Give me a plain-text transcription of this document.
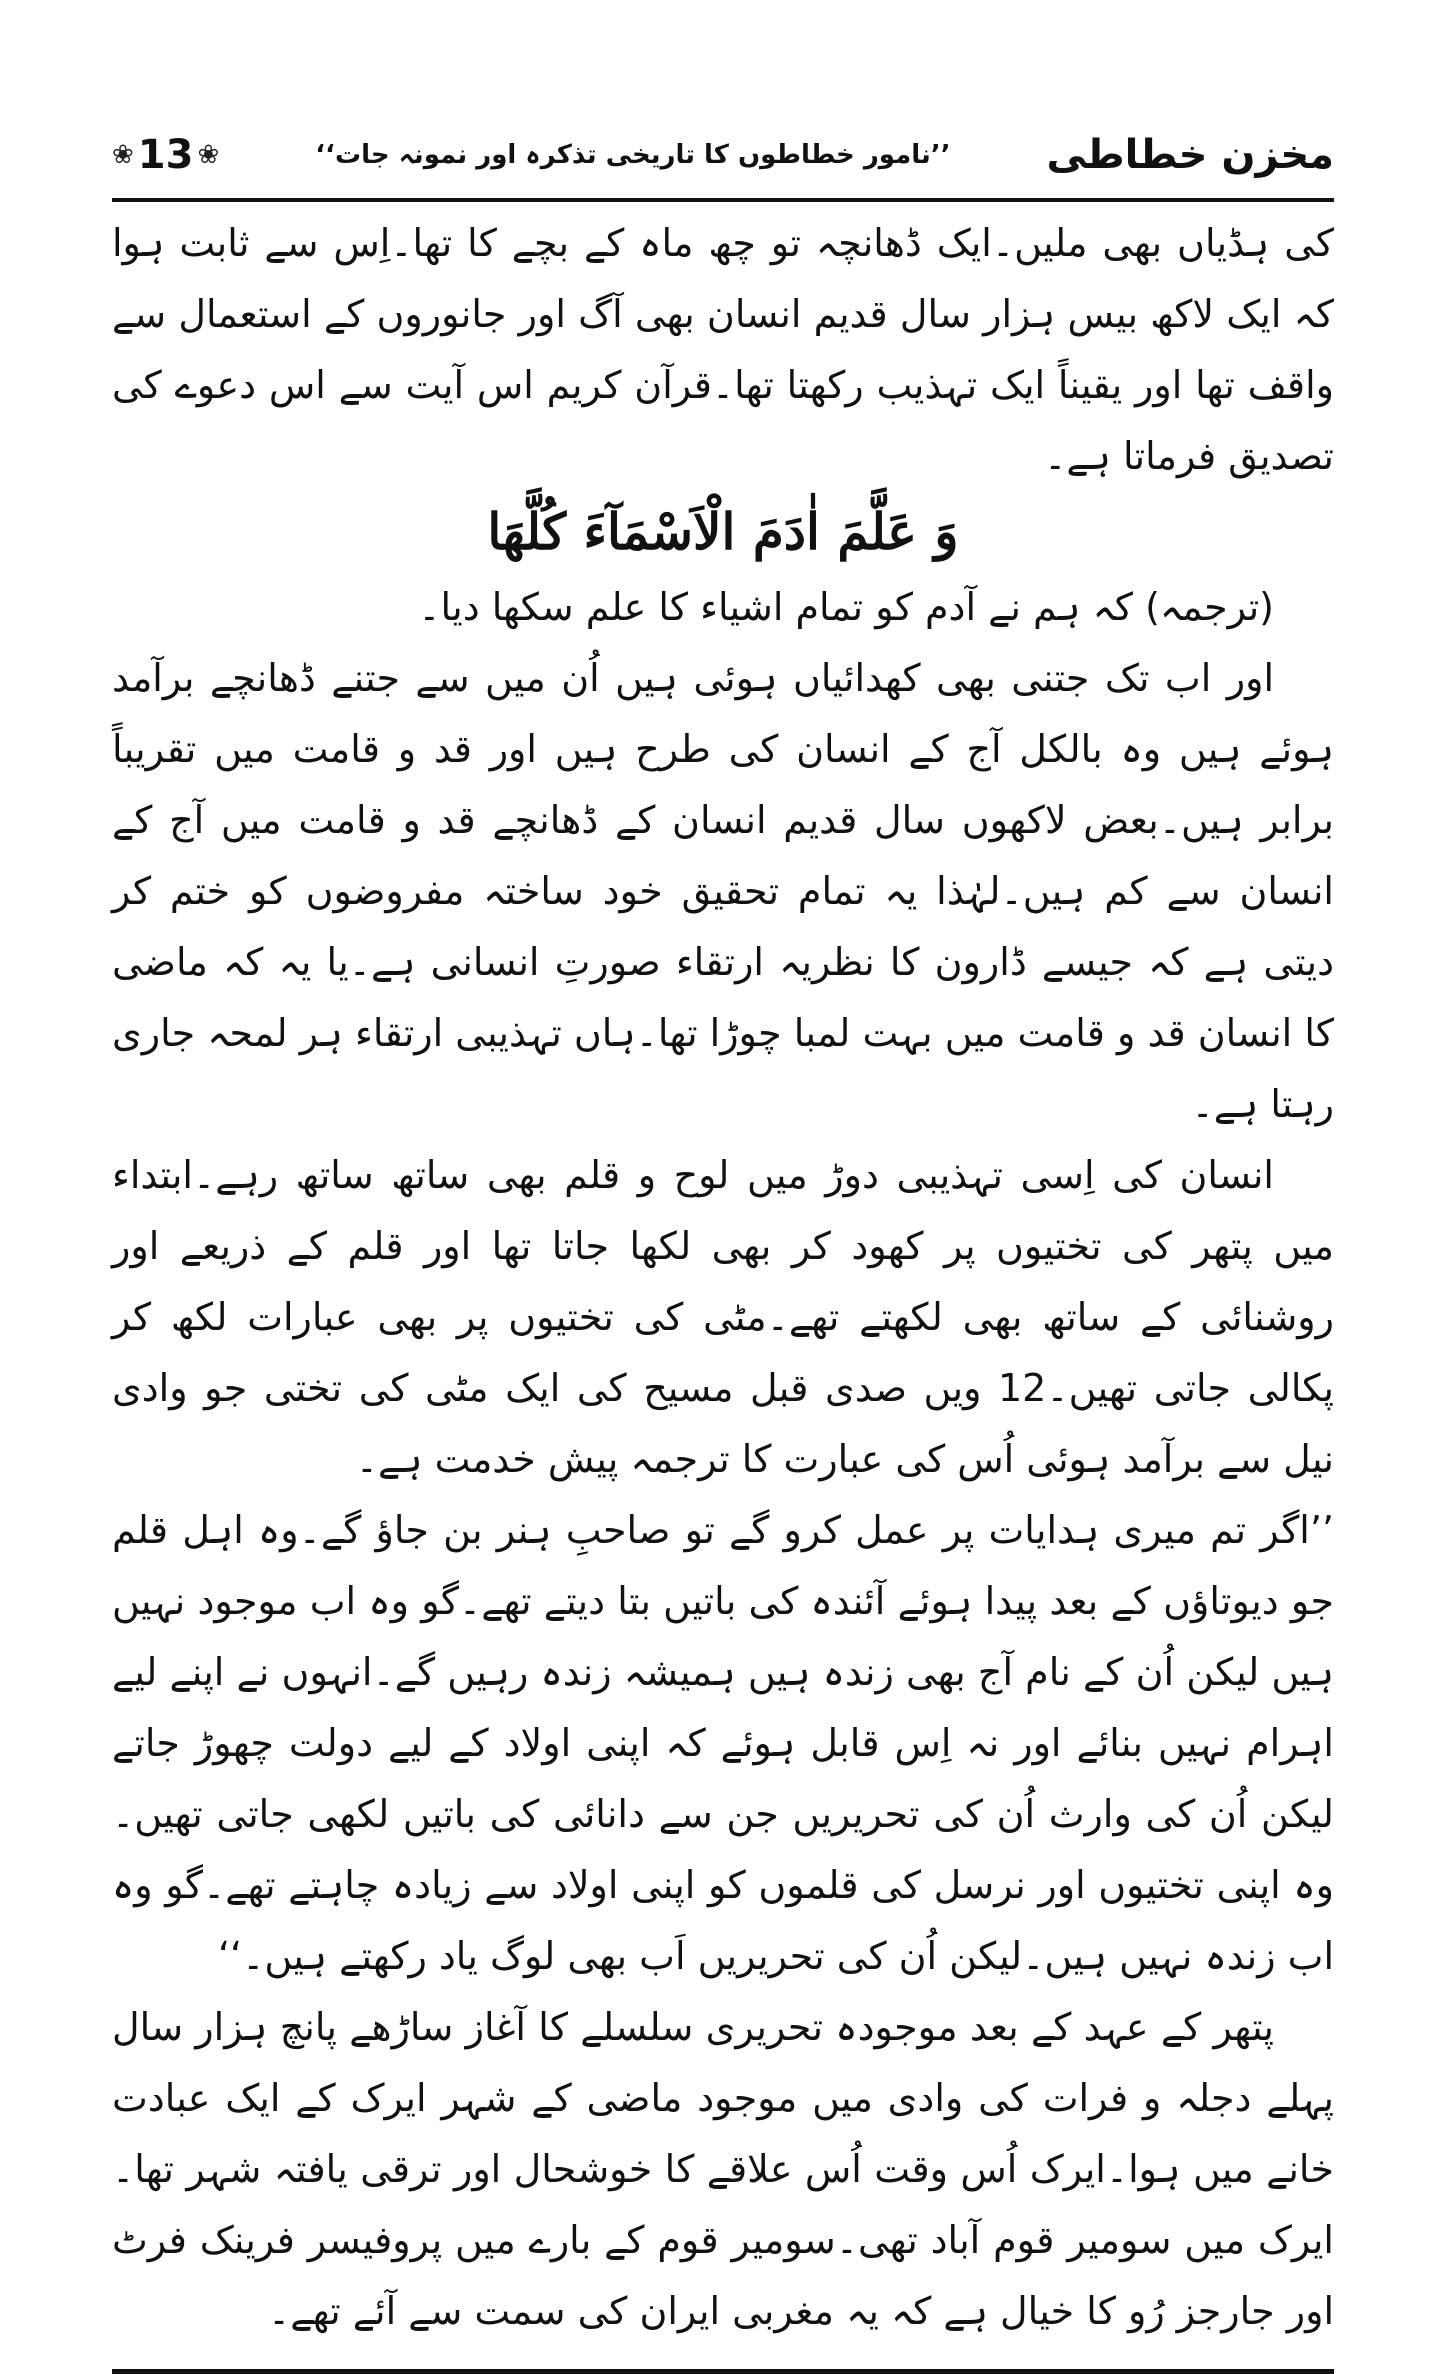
مخزن خطاطی
’’نامور خطاطوں کا تاریخی تذکرہ اور نمونہ جات‘‘
❀ 13 ❀

کی ہڈیاں بھی ملیں۔ایک ڈھانچہ تو چھ ماہ کے بچے کا تھا۔اِس سے ثابت ہوا کہ ایک لاکھ بیس ہزار سال قدیم انسان بھی آگ اور جانوروں کے استعمال سے واقف تھا اور یقیناً ایک تہذیب رکھتا تھا۔قرآن کریم اس آیت سے اس دعوے کی تصدیق فرماتا ہے۔

وَ عَلَّمَ اٰدَمَ الْاَسْمَآءَ كُلَّهَا

(ترجمہ) کہ ہم نے آدم کو تمام اشیاء کا علم سکھا دیا۔

اور اب تک جتنی بھی کھدائیاں ہوئی ہیں اُن میں سے جتنے ڈھانچے برآمد ہوئے ہیں وہ بالکل آج کے انسان کی طرح ہیں اور قد و قامت میں تقریباً برابر ہیں۔بعض لاکھوں سال قدیم انسان کے ڈھانچے قد و قامت میں آج کے انسان سے کم ہیں۔لہٰذا یہ تمام تحقیق خود ساختہ مفروضوں کو ختم کر دیتی ہے کہ جیسے ڈارون کا نظریہ ارتقاء صورتِ انسانی ہے۔یا یہ کہ ماضی کا انسان قد و قامت میں بہت لمبا چوڑا تھا۔ہاں تہذیبی ارتقاء ہر لمحہ جاری رہتا ہے۔

انسان کی اِسی تہذیبی دوڑ میں لوح و قلم بھی ساتھ ساتھ رہے۔ابتداء میں پتھر کی تختیوں پر کھود کر بھی لکھا جاتا تھا اور قلم کے ذریعے اور روشنائی کے ساتھ بھی لکھتے تھے۔مٹی کی تختیوں پر بھی عبارات لکھ کر پکالی جاتی تھیں۔12 ویں صدی قبل مسیح کی ایک مٹی کی تختی جو وادی نیل سے برآمد ہوئی اُس کی عبارت کا ترجمہ پیش خدمت ہے۔

’’اگر تم میری ہدایات پر عمل کرو گے تو صاحبِ ہنر بن جاؤ گے۔وہ اہل قلم جو دیوتاؤں کے بعد پیدا ہوئے آئندہ کی باتیں بتا دیتے تھے۔گو وہ اب موجود نہیں ہیں لیکن اُن کے نام آج بھی زندہ ہیں ہمیشہ زندہ رہیں گے۔انہوں نے اپنے لیے اہرام نہیں بنائے اور نہ اِس قابل ہوئے کہ اپنی اولاد کے لیے دولت چھوڑ جاتے لیکن اُن کی وارث اُن کی تحریریں جن سے دانائی کی باتیں لکھی جاتی تھیں۔وہ اپنی تختیوں اور نرسل کی قلموں کو اپنی اولاد سے زیادہ چاہتے تھے۔گو وہ اب زندہ نہیں ہیں۔لیکن اُن کی تحریریں اَب بھی لوگ یاد رکھتے ہیں۔‘‘

پتھر کے عہد کے بعد موجودہ تحریری سلسلے کا آغاز ساڑھے پانچ ہزار سال پہلے دجلہ و فرات کی وادی میں موجود ماضی کے شہر ایرک کے ایک عبادت خانے میں ہوا۔ایرک اُس وقت اُس علاقے کا خوشحال اور ترقی یافتہ شہر تھا۔ایرک میں سومیر قوم آباد تھی۔سومیر قوم کے بارے میں پروفیسر فرینک فرٹ اور جارجز رُو کا خیال ہے کہ یہ مغربی ایران کی سمت سے آئے تھے۔
